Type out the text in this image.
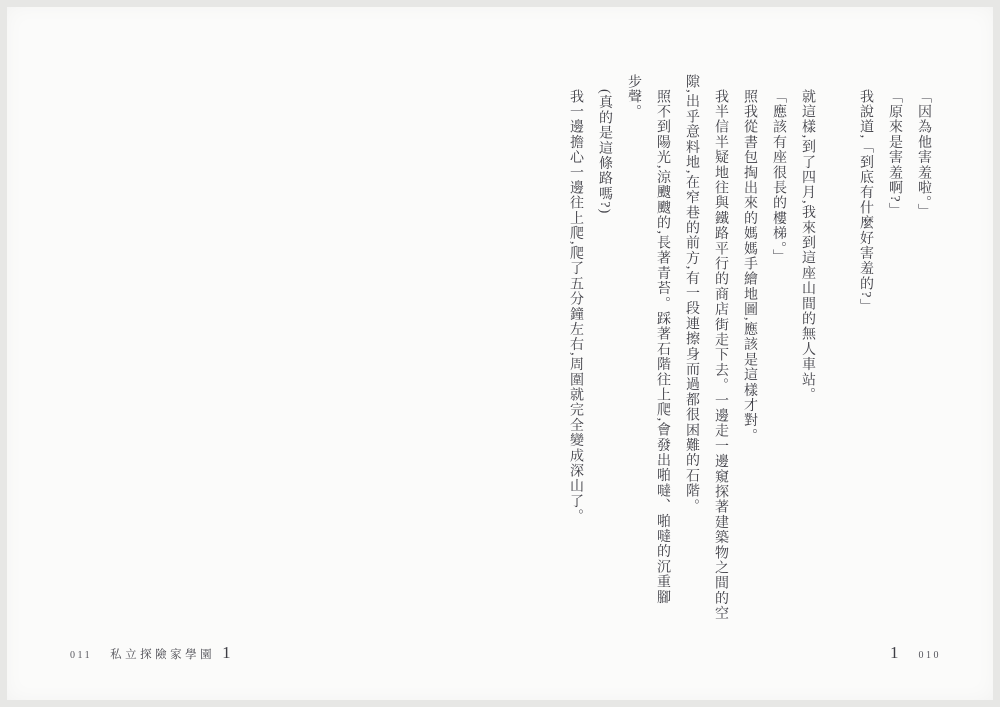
「因為他害羞啦。」
「原來是害羞啊?」
我說道,「到底有什麼好害羞的?」
就這樣,到了四月,我來到這座山間的無人車站。
「應該有座很長的樓梯。」
照我從書包掏出來的媽媽手繪地圖,應該是這樣才對。
我半信半疑地往與鐵路平行的商店街走下去。一邊走一邊窺探著建築物之間的空
隙,出乎意料地,在窄巷的前方,有一段連擦身而過都很困難的石階。
照不到陽光,涼颼颼的,長著青苔。踩著石階往上爬,會發出啪噠、啪噠的沉重腳
步聲。
(真的是這條路嗎?)
我一邊擔心一邊往上爬,爬了五分鐘左右,周圍就完全變成深山了。
1 010
011 私立探險家學園 1
